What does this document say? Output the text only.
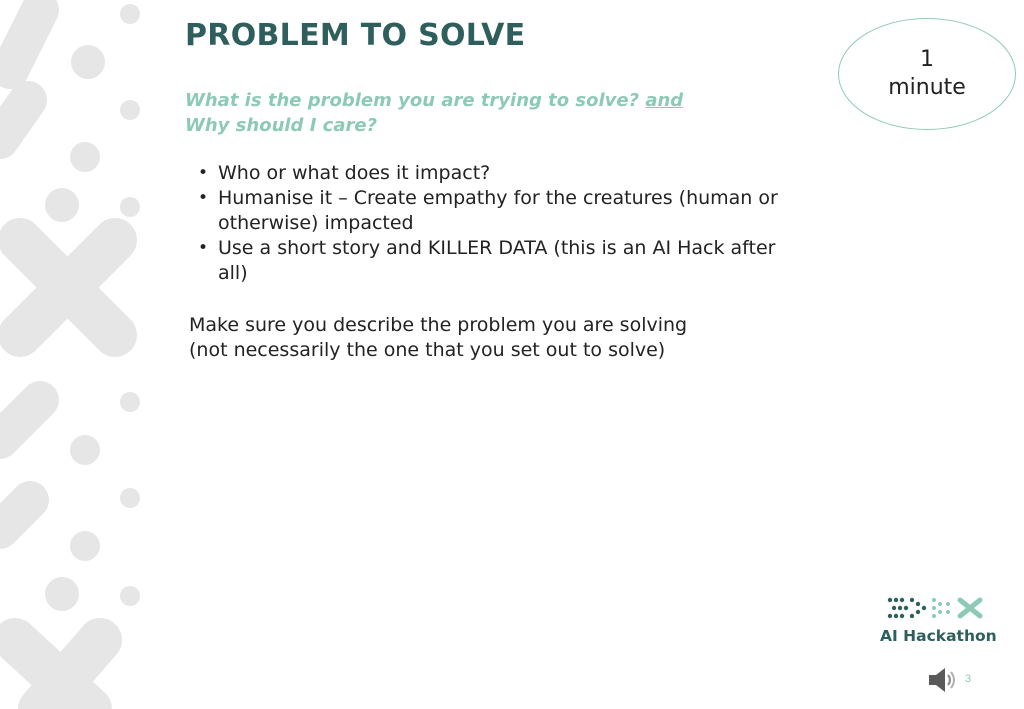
PROBLEM TO SOLVE

What is the problem you are trying to solve? and
Why should I care?

• Who or what does it impact?
• Humanise it – Create empathy for the creatures (human or otherwise) impacted
• Use a short story and KILLER DATA (this is an AI Hack after all)

Make sure you describe the problem you are solving
(not necessarily the one that you set out to solve)

1
minute
AI Hackathon
3
